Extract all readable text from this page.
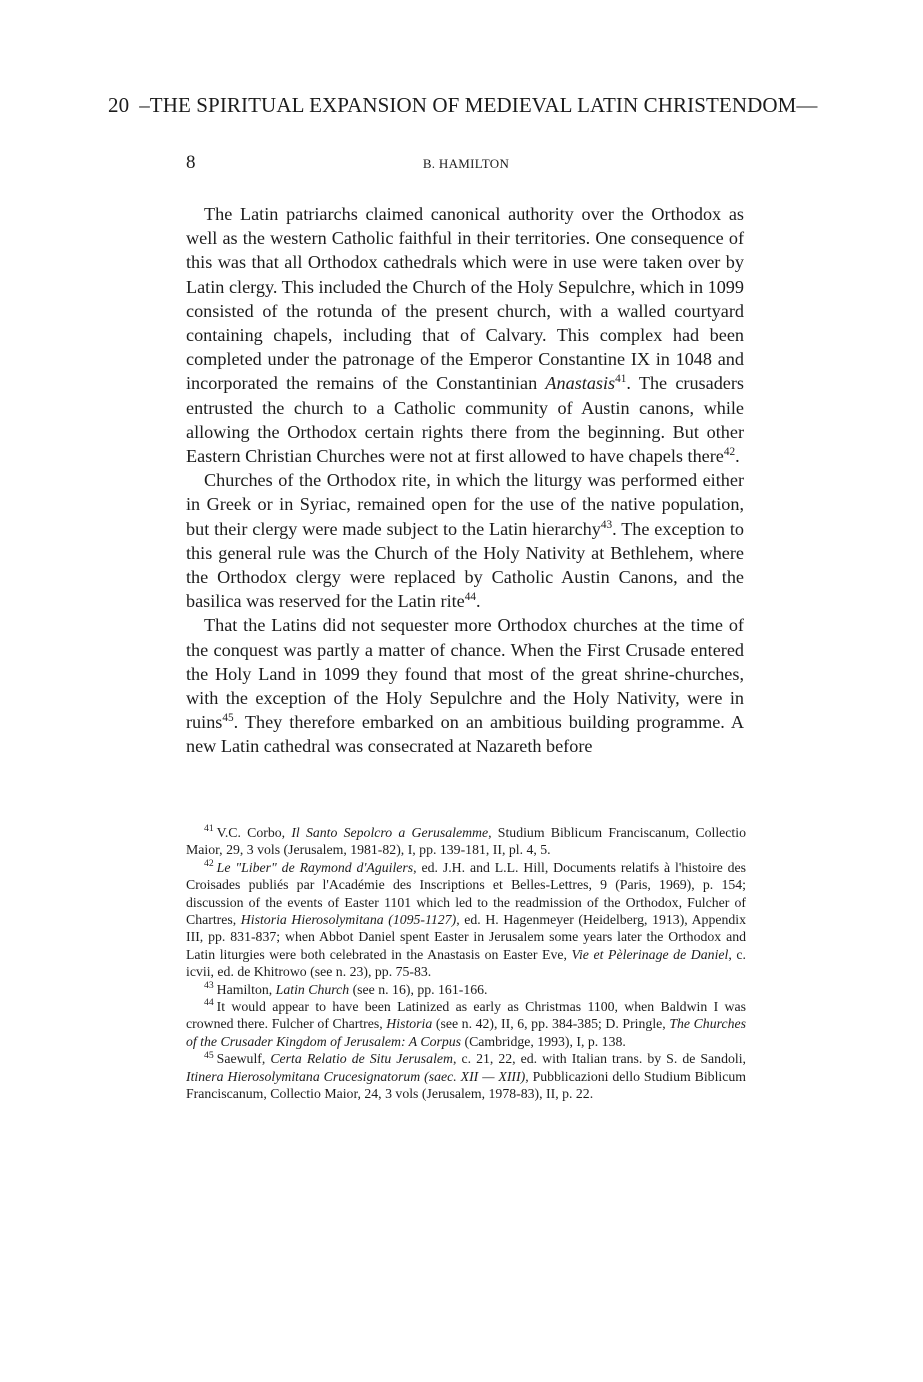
20 –THE SPIRITUAL EXPANSION OF MEDIEVAL LATIN CHRISTENDOM—
8	B. HAMILTON

The Latin patriarchs claimed canonical authority over the Orthodox as well as the western Catholic faithful in their territories. One consequence of this was that all Orthodox cathedrals which were in use were taken over by Latin clergy. This included the Church of the Holy Sepulchre, which in 1099 consisted of the rotunda of the present church, with a walled courtyard containing chapels, including that of Calvary. This complex had been completed under the patronage of the Emperor Constantine IX in 1048 and incorporated the remains of the Constantinian Anastasis$^{41}$. The crusaders entrusted the church to a Catholic community of Austin canons, while allowing the Orthodox certain rights there from the beginning. But other Eastern Christian Churches were not at first allowed to have chapels there$^{42}$.

Churches of the Orthodox rite, in which the liturgy was performed either in Greek or in Syriac, remained open for the use of the native population, but their clergy were made subject to the Latin hierarchy$^{43}$. The exception to this general rule was the Church of the Holy Nativity at Bethlehem, where the Orthodox clergy were replaced by Catholic Austin Canons, and the basilica was reserved for the Latin rite$^{44}$.

That the Latins did not sequester more Orthodox churches at the time of the conquest was partly a matter of chance. When the First Crusade entered the Holy Land in 1099 they found that most of the great shrine-churches, with the exception of the Holy Sepulchre and the Holy Nativity, were in ruins$^{45}$. They therefore embarked on an ambitious building programme. A new Latin cathedral was consecrated at Nazareth before

$^{41}$ V.C. Corbo, Il Santo Sepolcro a Gerusalemme, Studium Biblicum Franciscanum, Collectio Maior, 29, 3 vols (Jerusalem, 1981-82), I, pp. 139-181, II, pl. 4, 5.

$^{42}$ Le "Liber" de Raymond d'Aguilers, ed. J.H. and L.L. Hill, Documents relatifs à l'histoire des Croisades publiés par l'Académie des Inscriptions et Belles-Lettres, 9 (Paris, 1969), p. 154; discussion of the events of Easter 1101 which led to the readmission of the Orthodox, Fulcher of Chartres, Historia Hierosolymitana (1095-1127), ed. H. Hagenmeyer (Heidelberg, 1913), Appendix III, pp. 831-837; when Abbot Daniel spent Easter in Jerusalem some years later the Orthodox and Latin liturgies were both celebrated in the Anastasis on Easter Eve, Vie et Pèlerinage de Daniel, c. icvii, ed. de Khitrowo (see n. 23), pp. 75-83.

$^{43}$ Hamilton, Latin Church (see n. 16), pp. 161-166.

$^{44}$ It would appear to have been Latinized as early as Christmas 1100, when Baldwin I was crowned there. Fulcher of Chartres, Historia (see n. 42), II, 6, pp. 384-385; D. Pringle, The Churches of the Crusader Kingdom of Jerusalem: A Corpus (Cambridge, 1993), I, p. 138.

$^{45}$ Saewulf, Certa Relatio de Situ Jerusalem, c. 21, 22, ed. with Italian trans. by S. de Sandoli, Itinera Hierosolymitana Crucesignatorum (saec. XII — XIII), Pubblicazioni dello Studium Biblicum Franciscanum, Collectio Maior, 24, 3 vols (Jerusalem, 1978-83), II, p. 22.
